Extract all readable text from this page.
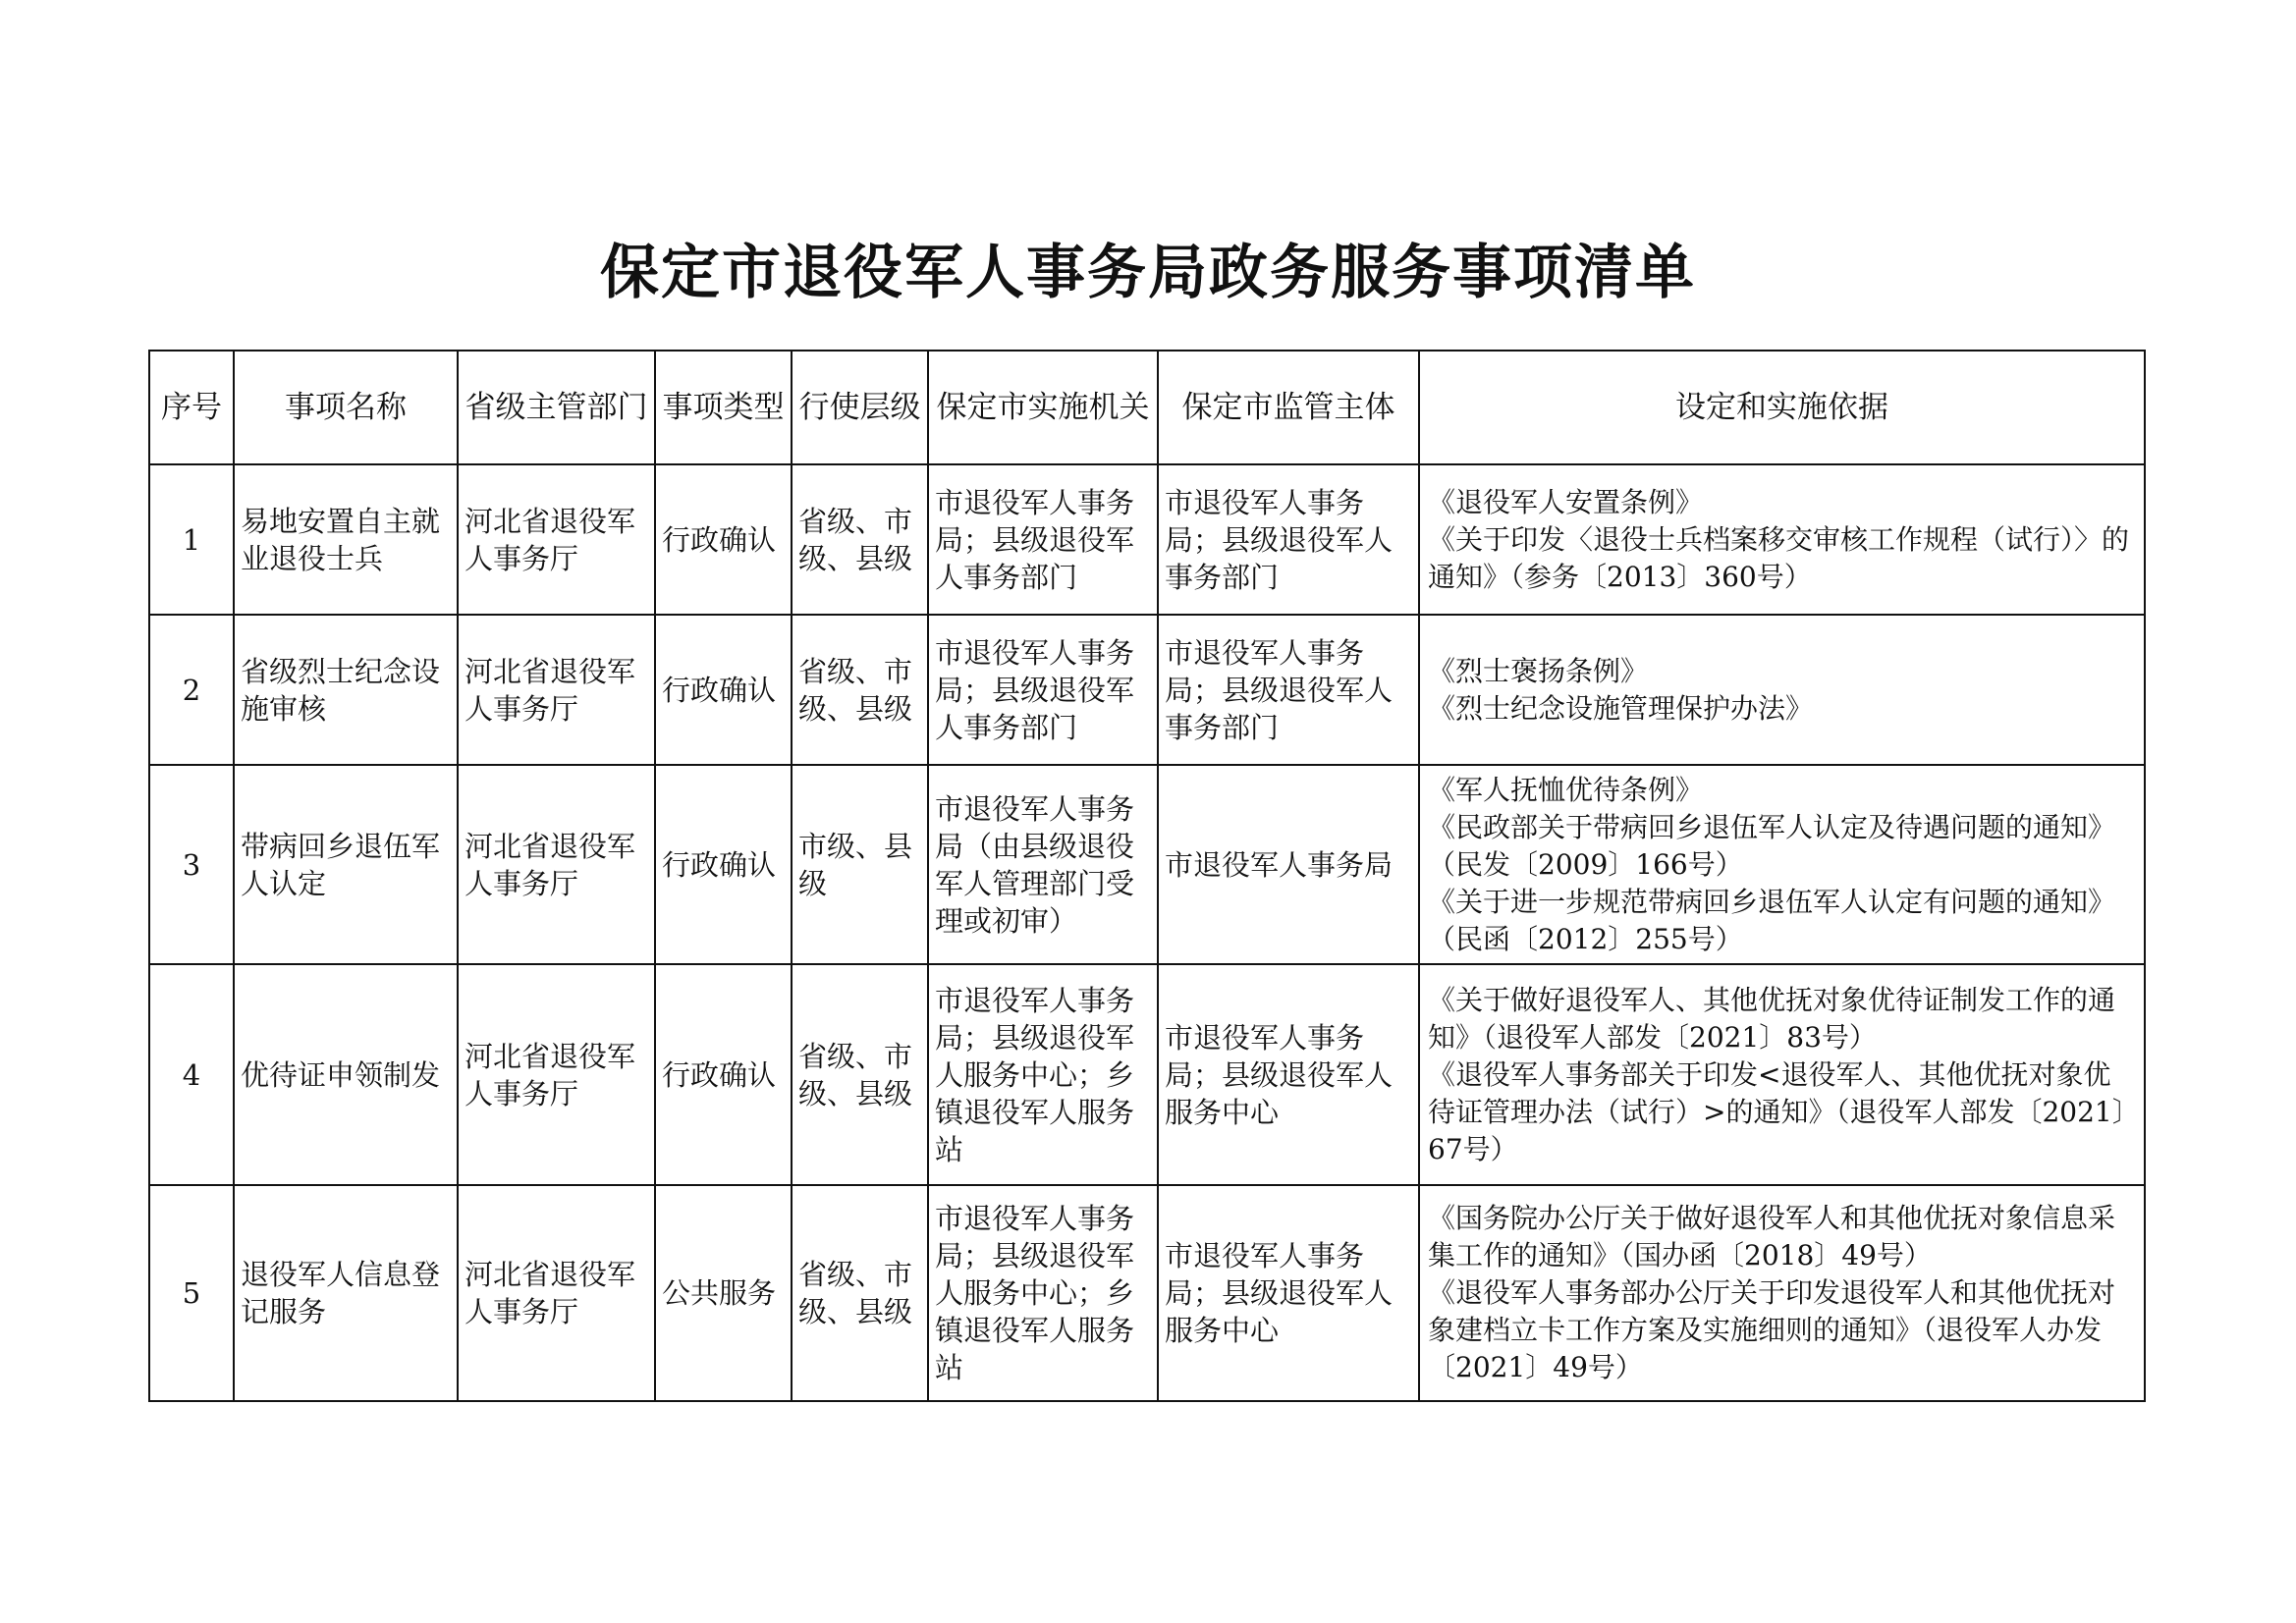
保定市退役军人事务局政务服务事项清单
序号	事项名称	省级主管部门	事项类型	行使层级	保定市实施机关	保定市监管主体	设定和实施依据
1	易地安置自主就业退役士兵	河北省退役军人事务厅	行政确认	省级、市级、县级	市退役军人事务局；县级退役军人事务部门	市退役军人事务局；县级退役军人事务部门	《退役军人安置条例》
《关于印发〈退役士兵档案移交审核工作规程（试行）〉的通知》（参务〔2013〕360号）

2	省级烈士纪念设施审核	河北省退役军人事务厅	行政确认	省级、市级、县级	市退役军人事务局；县级退役军人事务部门	市退役军人事务局；县级退役军人事务部门	《烈士褒扬条例》
《烈士纪念设施管理保护办法》

3	带病回乡退伍军人认定	河北省退役军人事务厅	行政确认	市级、县级	市退役军人事务局（由县级退役军人管理部门受理或初审）	市退役军人事务局	《军人抚恤优待条例》
《民政部关于带病回乡退伍军人认定及待遇问题的通知》（民发〔2009〕166号）
《关于进一步规范带病回乡退伍军人认定有问题的通知》（民函〔2012〕255号）

4	优待证申领制发	河北省退役军人事务厅	行政确认	省级、市级、县级	市退役军人事务局；县级退役军人服务中心；乡镇退役军人服务站	市退役军人事务局；县级退役军人服务中心	《关于做好退役军人、其他优抚对象优待证制发工作的通知》（退役军人部发〔2021〕83号）
《退役军人事务部关于印发<退役军人、其他优抚对象优待证管理办法（试行）>的通知》（退役军人部发〔2021〕67号）

5	退役军人信息登记服务	河北省退役军人事务厅	公共服务	省级、市级、县级	市退役军人事务局；县级退役军人服务中心；乡镇退役军人服务站	市退役军人事务局；县级退役军人服务中心	《国务院办公厅关于做好退役军人和其他优抚对象信息采集工作的通知》（国办函〔2018〕49号）
《退役军人事务部办公厅关于印发退役军人和其他优抚对象建档立卡工作方案及实施细则的通知》（退役军人办发〔2021〕49号）
